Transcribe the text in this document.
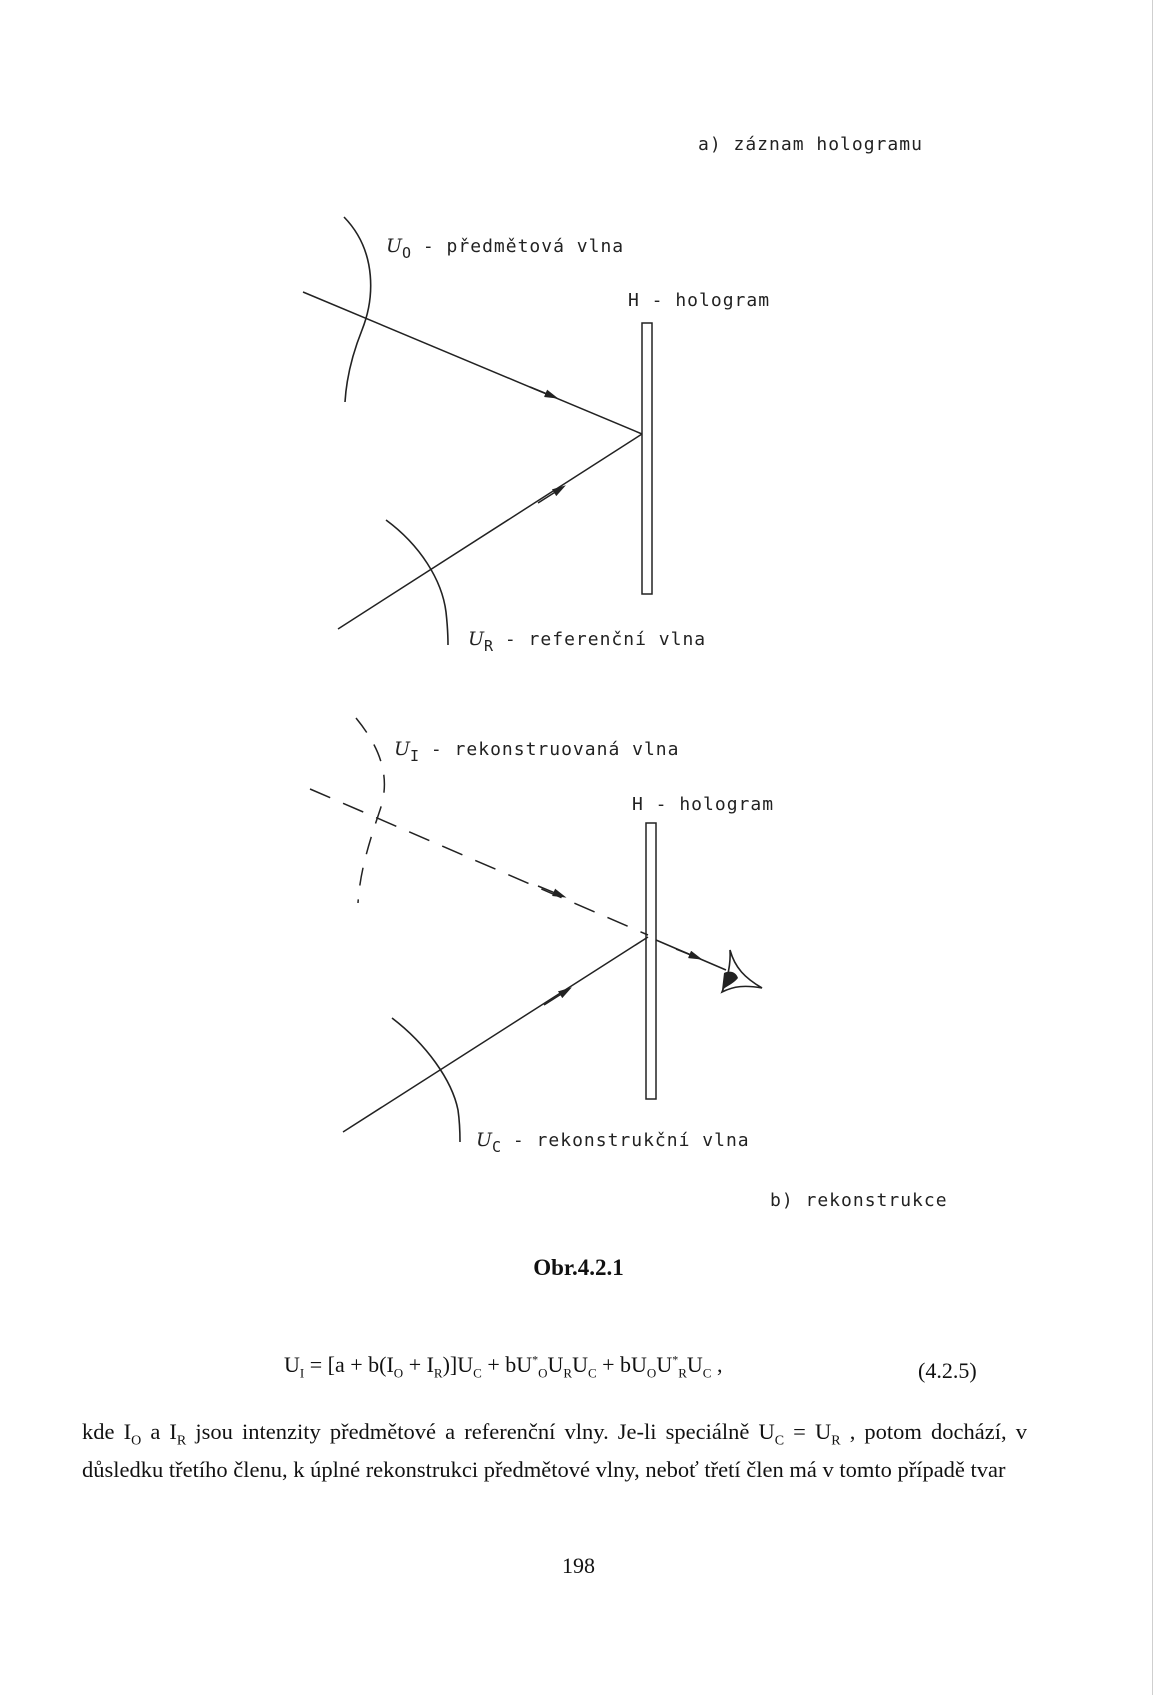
a) záznam hologramu
UO - předmětová vlna
H - hologram
UR - referenční vlna
UI - rekonstruovaná vlna
H - hologram
UC - rekonstrukční vlna
b) rekonstrukce
Obr.4.2.1
$U_I = [a + b(I_O + I_R)]U_C + bU^*_OU_RU_C + bU_OU^*_RU_C$ ,	(4.2.5)

kde $I_O$ a $I_R$ jsou intenzity předmětové a referenční vlny. Je-li speciálně $U_C = U_R$ , potom dochází, v důsledku třetího členu, k úplné rekonstrukci předmětové vlny, neboť třetí člen má v tomto případě tvar

198
